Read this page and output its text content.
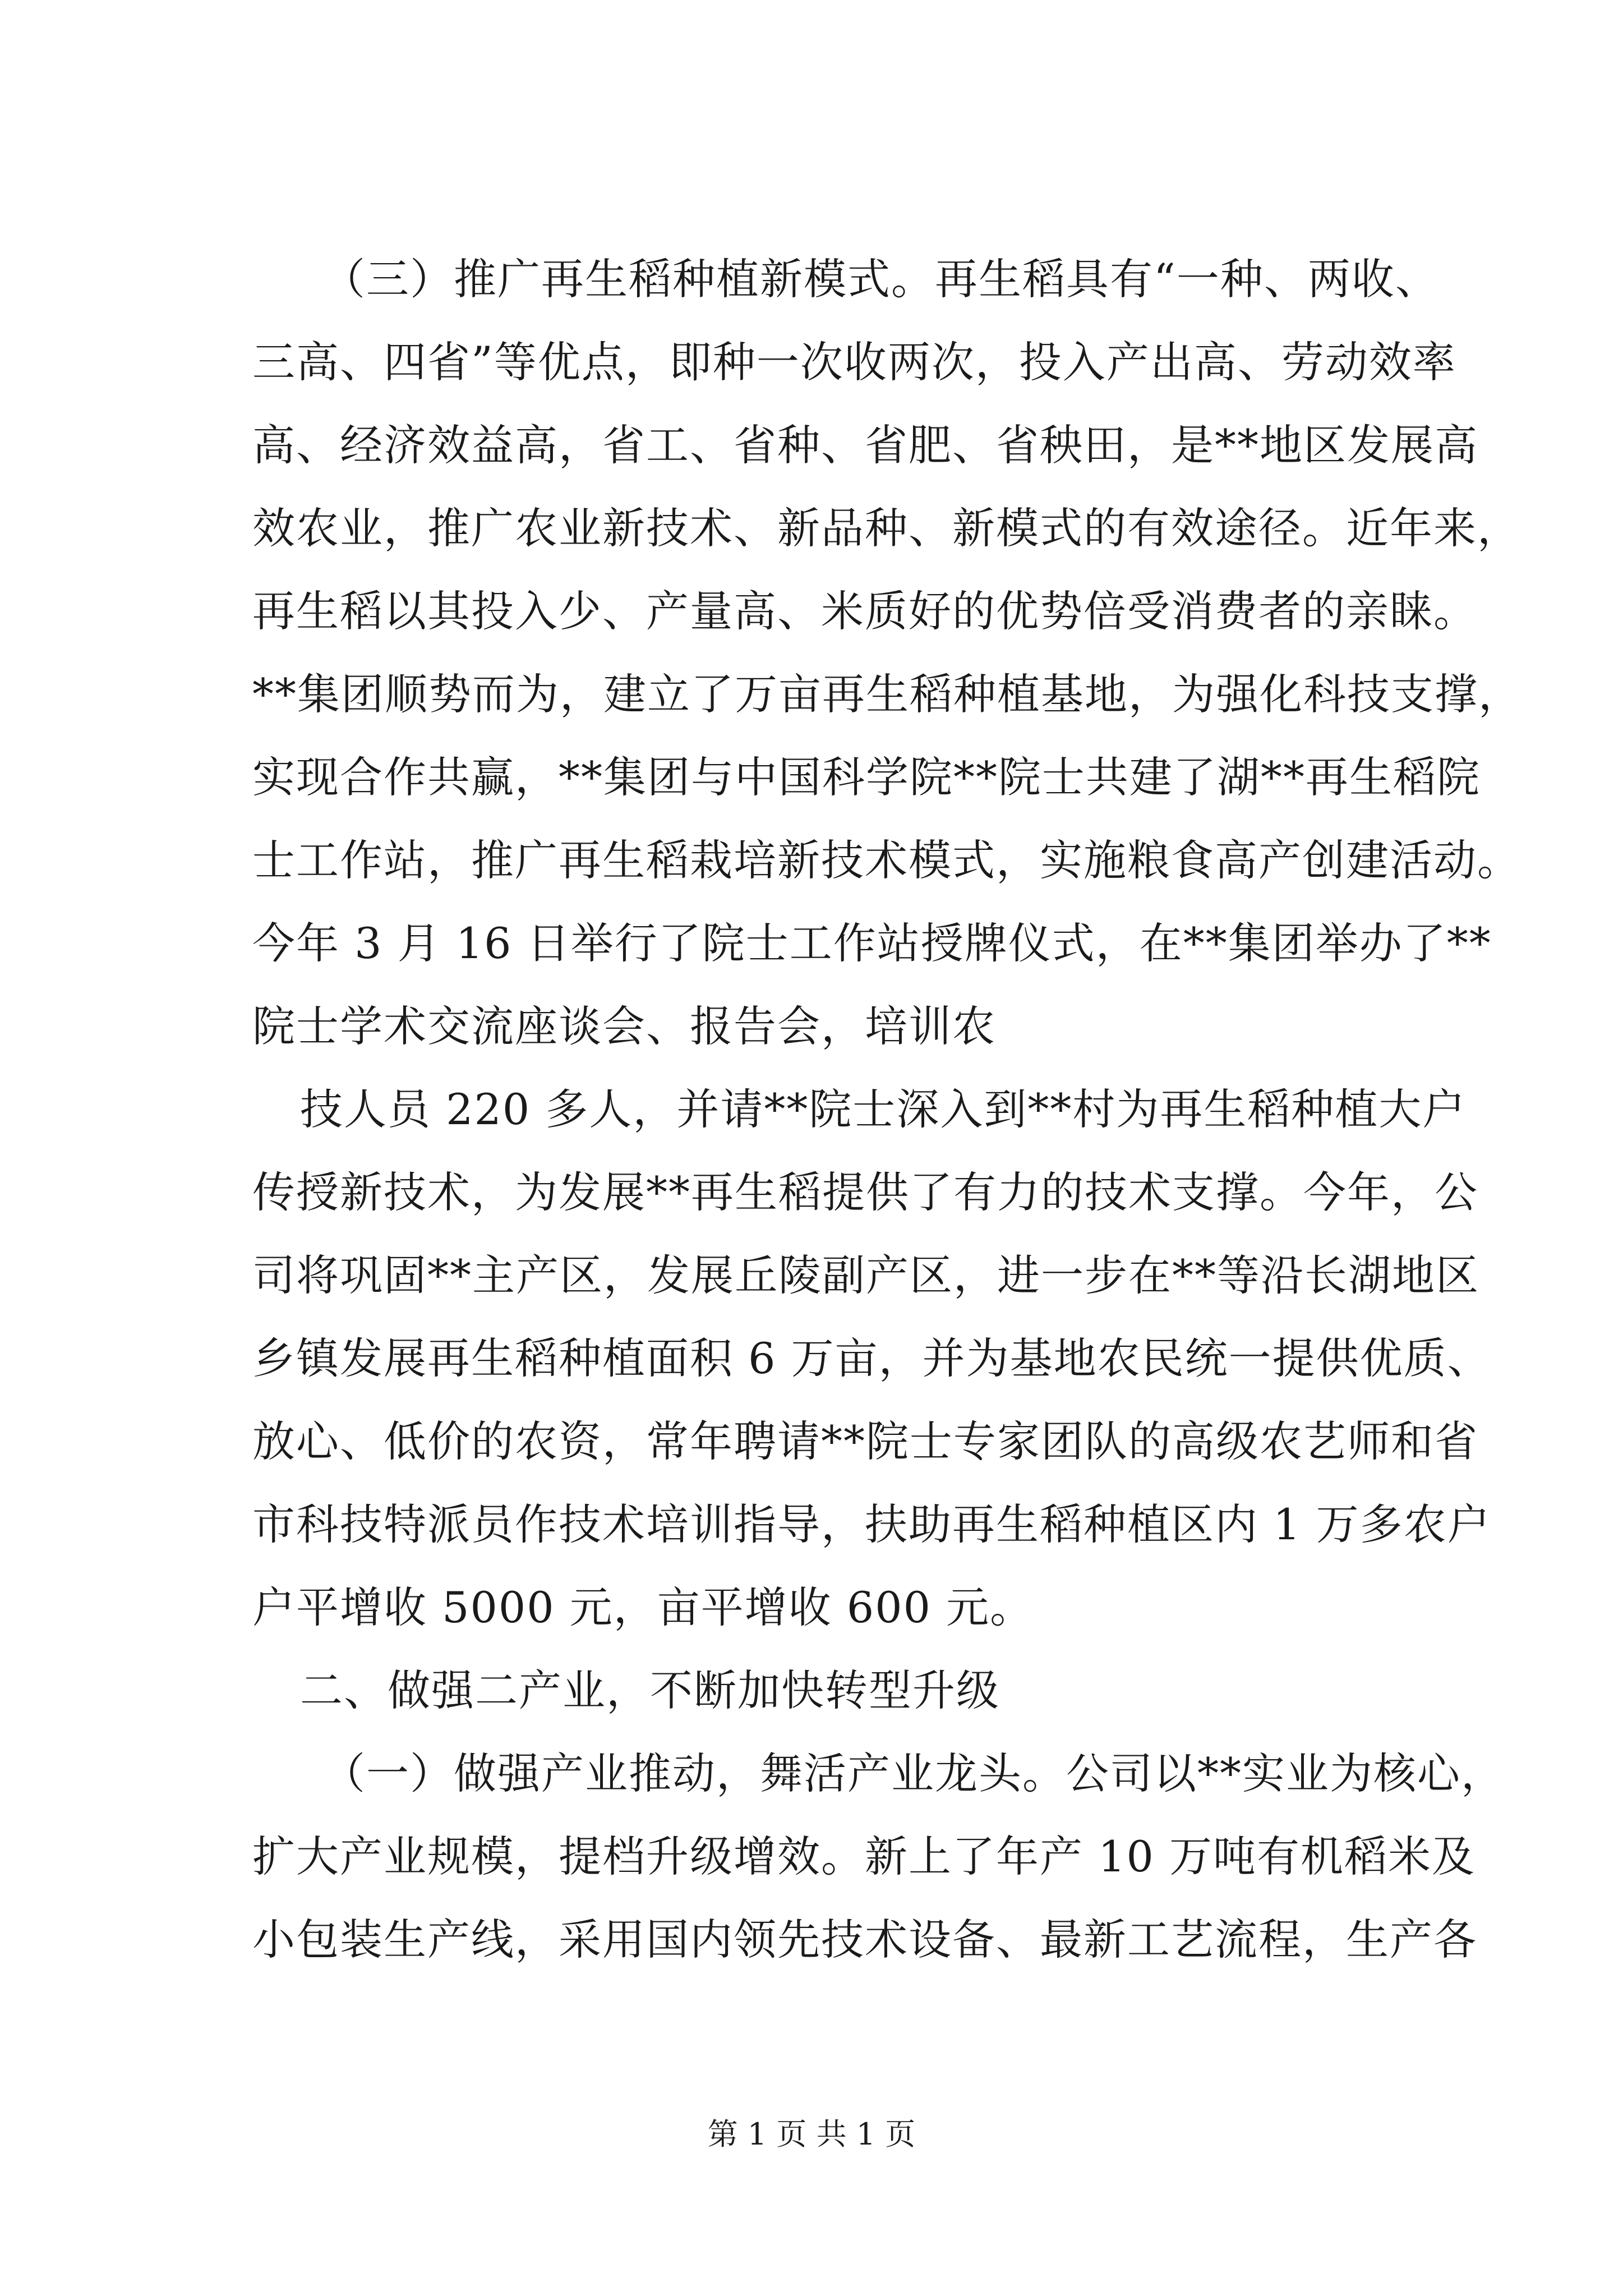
（三）推广再生稻种植新模式。再生稻具有“一种、两收、
三高、四省”等优点，即种一次收两次，投入产出高、劳动效率
高、经济效益高，省工、省种、省肥、省秧田，是**地区发展高
效农业，推广农业新技术、新品种、新模式的有效途径。近年来，
再生稻以其投入少、产量高、米质好的优势倍受消费者的亲睐。
**集团顺势而为，建立了万亩再生稻种植基地，为强化科技支撑，
实现合作共赢，**集团与中国科学院**院士共建了湖**再生稻院
士工作站，推广再生稻栽培新技术模式，实施粮食高产创建活动。
今年 3 月 16 日举行了院士工作站授牌仪式，在**集团举办了**
院士学术交流座谈会、报告会，培训农
技人员 220 多人，并请**院士深入到**村为再生稻种植大户
传授新技术，为发展**再生稻提供了有力的技术支撑。今年，公
司将巩固**主产区，发展丘陵副产区，进一步在**等沿长湖地区
乡镇发展再生稻种植面积 6 万亩，并为基地农民统一提供优质、
放心、低价的农资，常年聘请**院士专家团队的高级农艺师和省
市科技特派员作技术培训指导，扶助再生稻种植区内 1 万多农户
户平增收 5000 元，亩平增收 600 元。
二、做强二产业，不断加快转型升级
（一）做强产业推动，舞活产业龙头。公司以**实业为核心，
扩大产业规模，提档升级增效。新上了年产 10 万吨有机稻米及
小包装生产线，采用国内领先技术设备、最新工艺流程，生产各
第 1 页 共 1 页
